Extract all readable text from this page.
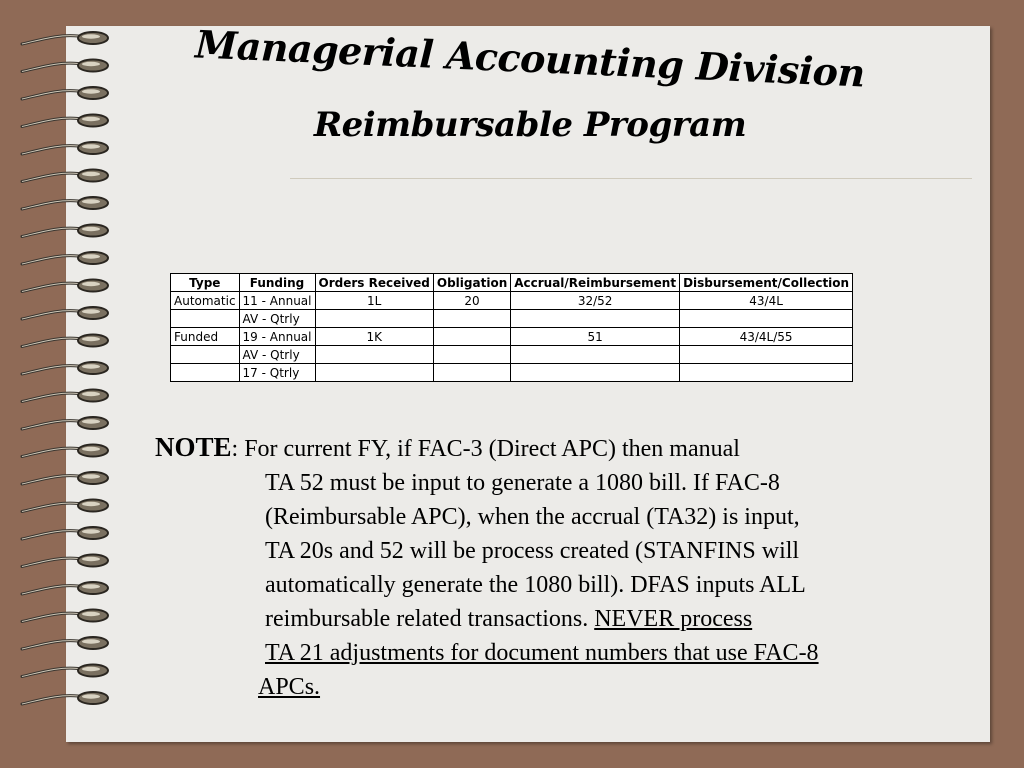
Managerial Accounting Division
Reimbursable Program
Type	Funding	Orders Received	Obligation	Accrual/Reimbursement	Disbursement/Collection
Automatic	11 - Annual	1L	20	32/52	43/4L
	AV - Qtrly				
Funded	19 - Annual	1K		51	43/4L/55
	AV - Qtrly				
	17 - Qtrly				
NOTE: For current FY, if FAC-3 (Direct APC) then manual
TA 52 must be input to generate a 1080 bill. If FAC-8
(Reimbursable APC), when the accrual (TA32) is input,
TA 20s and 52 will be process created (STANFINS will
automatically generate the 1080 bill). DFAS inputs ALL
reimbursable related transactions. NEVER process
TA 21 adjustments for document numbers that use FAC-8
APCs.
